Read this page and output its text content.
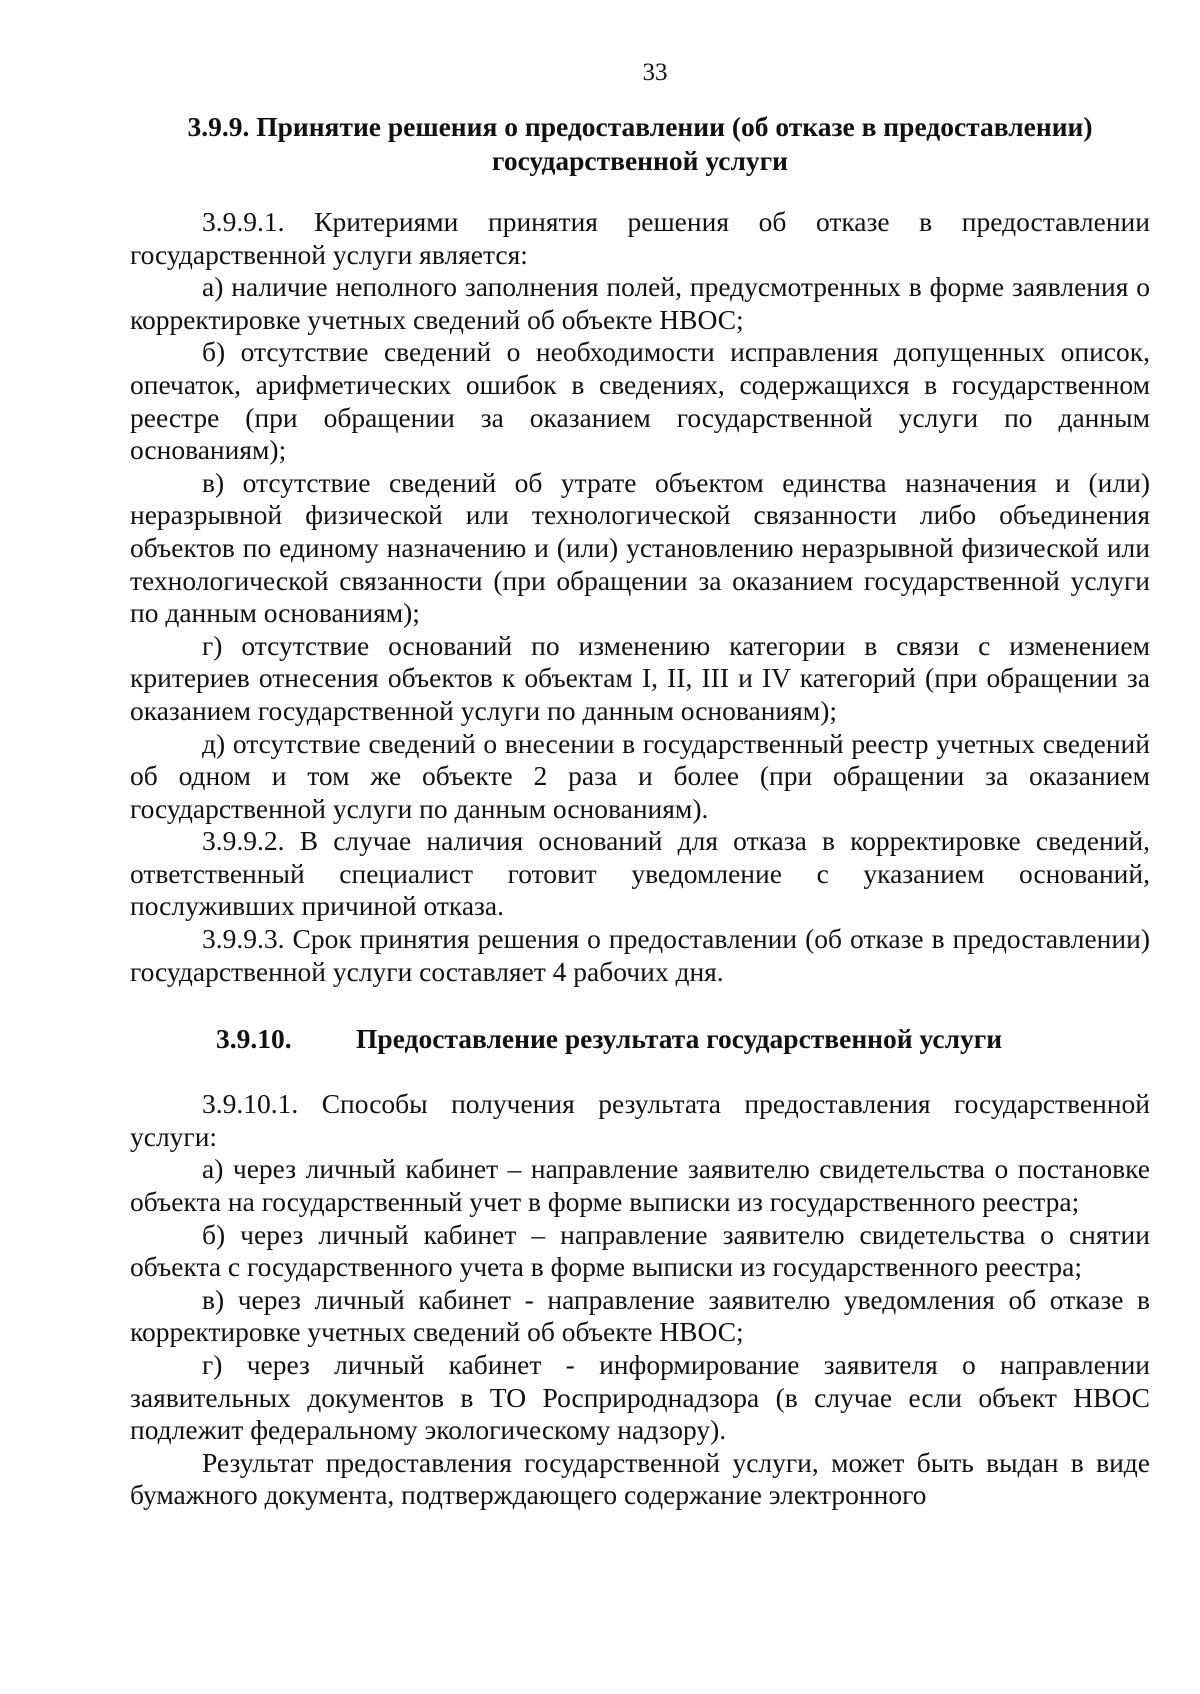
33

3.9.9. Принятие решения о предоставлении (об отказе в предоставлении)

государственной услуги

3.9.9.1. Критериями принятия решения об отказе в предоставлении государственной услуги является:

а) наличие неполного заполнения полей, предусмотренных в форме заявления о корректировке учетных сведений об объекте НВОС;

б) отсутствие сведений о необходимости исправления допущенных описок, опечаток, арифметических ошибок в сведениях, содержащихся в государственном реестре (при обращении за оказанием государственной услуги по данным основаниям);

в) отсутствие сведений об утрате объектом единства назначения и (или) неразрывной физической или технологической связанности либо объединения объектов по единому назначению и (или) установлению неразрывной физической или технологической связанности (при обращении за оказанием государственной услуги по данным основаниям);

г) отсутствие оснований по изменению категории в связи с изменением критериев отнесения объектов к объектам I, II, III и IV категорий (при обращении за оказанием государственной услуги по данным основаниям);

д) отсутствие сведений о внесении в государственный реестр учетных сведений об одном и том же объекте 2 раза и более (при обращении за оказанием государственной услуги по данным основаниям).

3.9.9.2. В случае наличия оснований для отказа в корректировке сведений, ответственный специалист готовит уведомление с указанием оснований, послуживших причиной отказа.

3.9.9.3. Срок принятия решения о предоставлении (об отказе в предоставлении) государственной услуги составляет 4 рабочих дня.

3.9.10.	Предоставление результата государственной услуги

3.9.10.1. Способы получения результата предоставления государственной услуги:

а) через личный кабинет – направление заявителю свидетельства о постановке объекта на государственный учет в форме выписки из государственного реестра;

б) через личный кабинет – направление заявителю свидетельства о снятии объекта с государственного учета в форме выписки из государственного реестра;

в) через личный кабинет - направление заявителю уведомления об отказе в корректировке учетных сведений об объекте НВОС;

г) через личный кабинет - информирование заявителя о направлении заявительных документов в ТО Росприроднадзора (в случае если объект НВОС подлежит федеральному экологическому надзору).

Результат предоставления государственной услуги, может быть выдан в виде бумажного документа, подтверждающего содержание электронного
